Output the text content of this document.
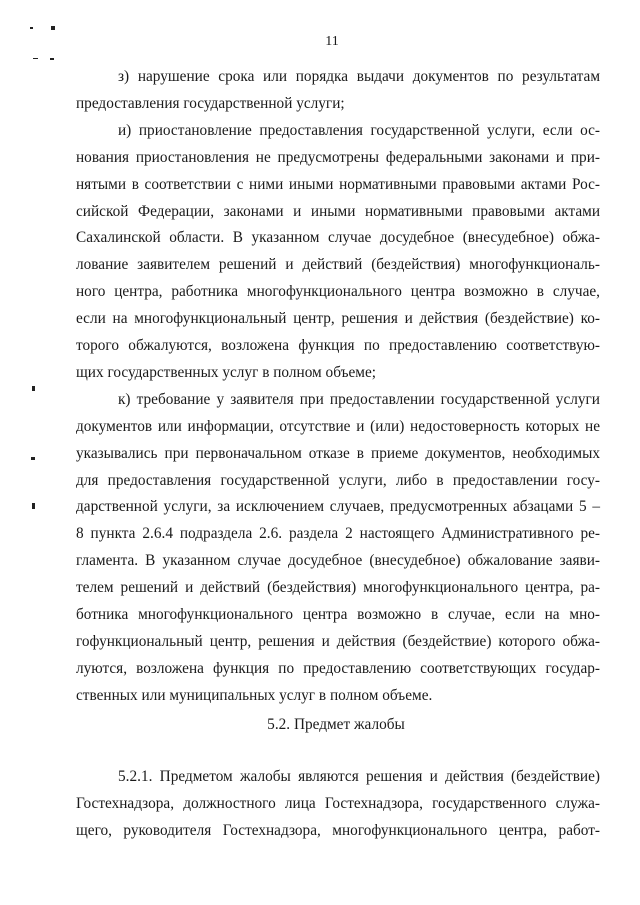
11
з) нарушение срока или порядка выдачи документов по результатам
предоставления государственной услуги;
и) приостановление предоставления государственной услуги, если ос-
нования приостановления не предусмотрены федеральными законами и при-
нятыми в соответствии с ними иными нормативными правовыми актами Рос-
сийской Федерации, законами и иными нормативными правовыми актами
Сахалинской области. В указанном случае досудебное (внесудебное) обжа-
лование заявителем решений и действий (бездействия) многофункциональ-
ного центра, работника многофункционального центра возможно в случае,
если на многофункциональный центр, решения и действия (бездействие) ко-
торого обжалуются, возложена функция по предоставлению соответствую-
щих государственных услуг в полном объеме;
к) требование у заявителя при предоставлении государственной услуги
документов или информации, отсутствие и (или) недостоверность которых не
указывались при первоначальном отказе в приеме документов, необходимых
для предоставления государственной услуги, либо в предоставлении госу-
дарственной услуги, за исключением случаев, предусмотренных абзацами 5 –
8 пункта 2.6.4 подраздела 2.6. раздела 2 настоящего Административного ре-
гламента. В указанном случае досудебное (внесудебное) обжалование заяви-
телем решений и действий (бездействия) многофункционального центра, ра-
ботника многофункционального центра возможно в случае, если на мно-
гофункциональный центр, решения и действия (бездействие) которого обжа-
луются, возложена функция по предоставлению соответствующих государ-
ственных или муниципальных услуг в полном объеме.
5.2. Предмет жалобы
5.2.1. Предметом жалобы являются решения и действия (бездействие)
Гостехнадзора, должностного лица Гостехнадзора, государственного служа-
щего, руководителя Гостехнадзора, многофункционального центра, работ-
